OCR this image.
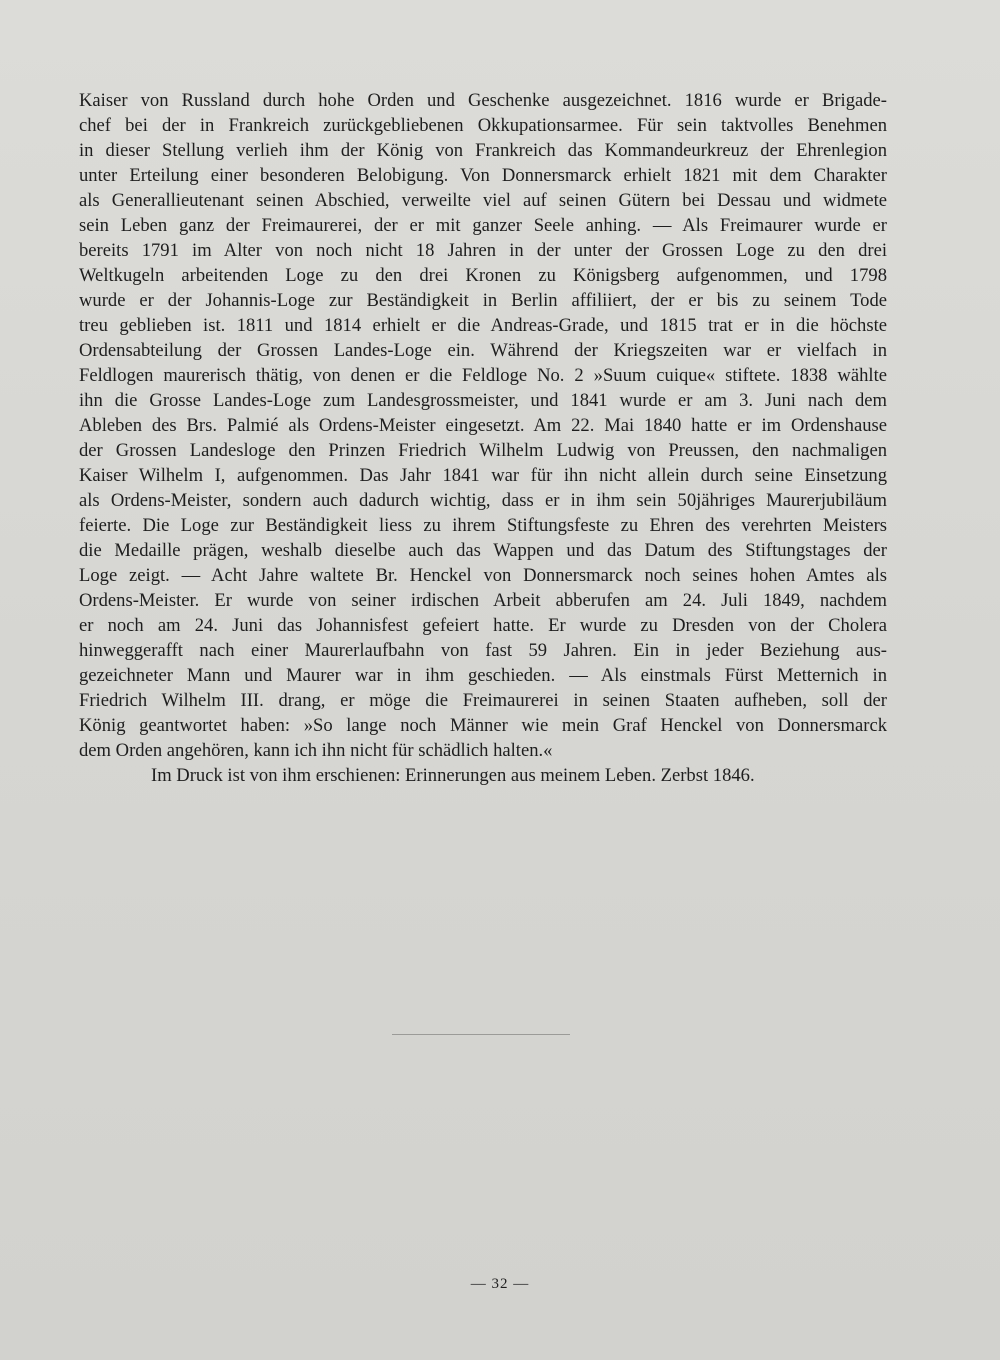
Kaiser von Russland durch hohe Orden und Geschenke ausgezeichnet. 1816 wurde er Brigade-
chef bei der in Frankreich zurückgebliebenen Okkupationsarmee. Für sein taktvolles Benehmen
in dieser Stellung verlieh ihm der König von Frankreich das Kommandeurkreuz der Ehrenlegion
unter Erteilung einer besonderen Belobigung. Von Donnersmarck erhielt 1821 mit dem Charakter
als Generallieutenant seinen Abschied, verweilte viel auf seinen Gütern bei Dessau und widmete
sein Leben ganz der Freimaurerei, der er mit ganzer Seele anhing. — Als Freimaurer wurde er
bereits 1791 im Alter von noch nicht 18 Jahren in der unter der Grossen Loge zu den drei
Weltkugeln arbeitenden Loge zu den drei Kronen zu Königsberg aufgenommen, und 1798
wurde er der Johannis-Loge zur Beständigkeit in Berlin affiliiert, der er bis zu seinem Tode
treu geblieben ist. 1811 und 1814 erhielt er die Andreas-Grade, und 1815 trat er in die höchste
Ordensabteilung der Grossen Landes-Loge ein. Während der Kriegszeiten war er vielfach in
Feldlogen maurerisch thätig, von denen er die Feldloge No. 2 »Suum cuique« stiftete. 1838 wählte
ihn die Grosse Landes-Loge zum Landesgrossmeister, und 1841 wurde er am 3. Juni nach dem
Ableben des Brs. Palmié als Ordens-Meister eingesetzt. Am 22. Mai 1840 hatte er im Ordenshause
der Grossen Landesloge den Prinzen Friedrich Wilhelm Ludwig von Preussen, den nachmaligen
Kaiser Wilhelm I, aufgenommen. Das Jahr 1841 war für ihn nicht allein durch seine Einsetzung
als Ordens-Meister, sondern auch dadurch wichtig, dass er in ihm sein 50jähriges Maurerjubiläum
feierte. Die Loge zur Beständigkeit liess zu ihrem Stiftungsfeste zu Ehren des verehrten Meisters
die Medaille prägen, weshalb dieselbe auch das Wappen und das Datum des Stiftungstages der
Loge zeigt. — Acht Jahre waltete Br. Henckel von Donnersmarck noch seines hohen Amtes als
Ordens-Meister. Er wurde von seiner irdischen Arbeit abberufen am 24. Juli 1849, nachdem
er noch am 24. Juni das Johannisfest gefeiert hatte. Er wurde zu Dresden von der Cholera
hinweggerafft nach einer Maurerlaufbahn von fast 59 Jahren. Ein in jeder Beziehung aus-
gezeichneter Mann und Maurer war in ihm geschieden. — Als einstmals Fürst Metternich in
Friedrich Wilhelm III. drang, er möge die Freimaurerei in seinen Staaten aufheben, soll der
König geantwortet haben: »So lange noch Männer wie mein Graf Henckel von Donnersmarck
dem Orden angehören, kann ich ihn nicht für schädlich halten.«
Im Druck ist von ihm erschienen: Erinnerungen aus meinem Leben. Zerbst 1846.
— 32 —
